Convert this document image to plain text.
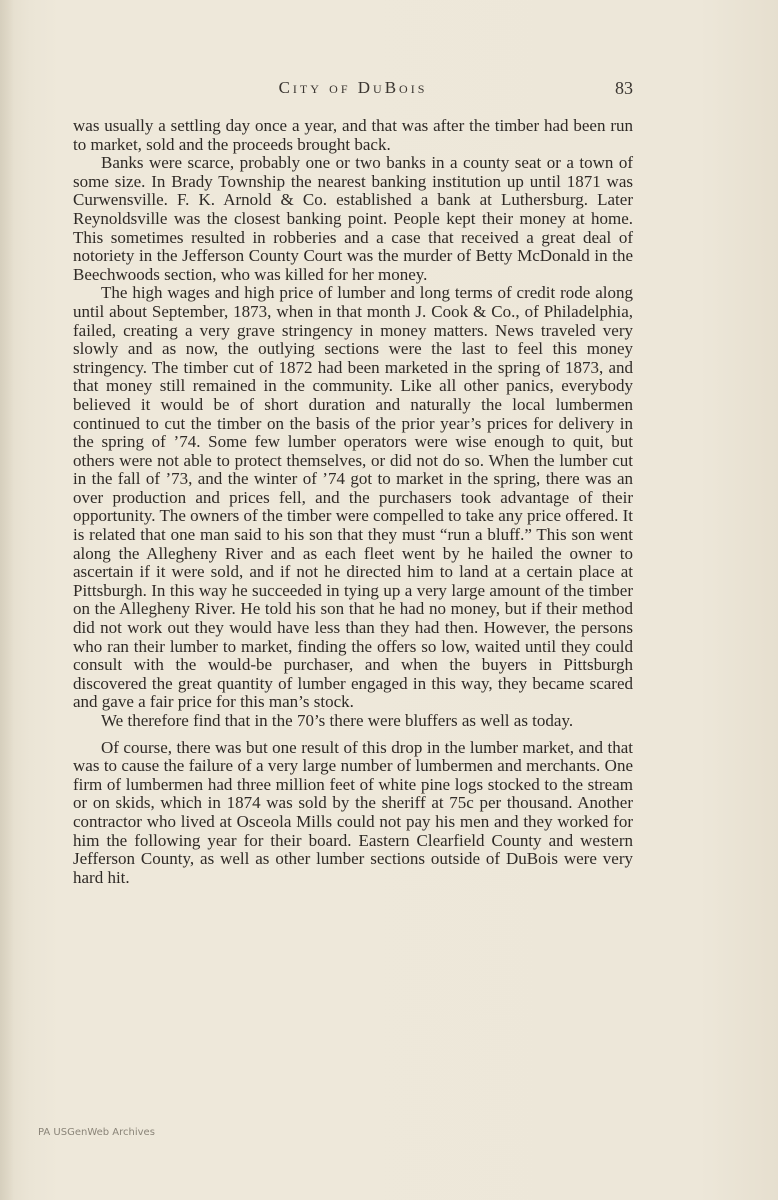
City of DuBois	83

was usually a settling day once a year, and that was after the timber had been run to market, sold and the proceeds brought back.

Banks were scarce, probably one or two banks in a county seat or a town of some size. In Brady Township the nearest banking institution up until 1871 was Curwensville. F. K. Arnold & Co. established a bank at Luthersburg. Later Reynoldsville was the closest banking point. People kept their money at home. This sometimes resulted in robberies and a case that received a great deal of notoriety in the Jefferson County Court was the murder of Betty McDonald in the Beechwoods section, who was killed for her money.

The high wages and high price of lumber and long terms of credit rode along until about September, 1873, when in that month J. Cook & Co., of Philadelphia, failed, creating a very grave stringency in money matters. News traveled very slowly and as now, the outlying sections were the last to feel this money stringency. The timber cut of 1872 had been marketed in the spring of 1873, and that money still remained in the community. Like all other panics, everybody believed it would be of short duration and naturally the local lumbermen continued to cut the timber on the basis of the prior year’s prices for delivery in the spring of ’74. Some few lumber operators were wise enough to quit, but others were not able to protect themselves, or did not do so. When the lumber cut in the fall of ’73, and the winter of ’74 got to market in the spring, there was an over production and prices fell, and the purchasers took advantage of their opportunity. The owners of the timber were compelled to take any price offered. It is related that one man said to his son that they must “run a bluff.” This son went along the Allegheny River and as each fleet went by he hailed the owner to ascertain if it were sold, and if not he directed him to land at a certain place at Pittsburgh. In this way he succeeded in tying up a very large amount of the timber on the Allegheny River. He told his son that he had no money, but if their method did not work out they would have less than they had then. However, the persons who ran their lumber to market, finding the offers so low, waited until they could consult with the would-be purchaser, and when the buyers in Pittsburgh discovered the great quantity of lumber engaged in this way, they became scared and gave a fair price for this man’s stock.

We therefore find that in the 70’s there were bluffers as well as today.

Of course, there was but one result of this drop in the lumber market, and that was to cause the failure of a very large number of lumbermen and merchants. One firm of lumbermen had three million feet of white pine logs stocked to the stream or on skids, which in 1874 was sold by the sheriff at 75c per thousand. Another contractor who lived at Osceola Mills could not pay his men and they worked for him the following year for their board. Eastern Clearfield County and western Jefferson County, as well as other lumber sections outside of DuBois were very hard hit.

PA USGenWeb Archives
